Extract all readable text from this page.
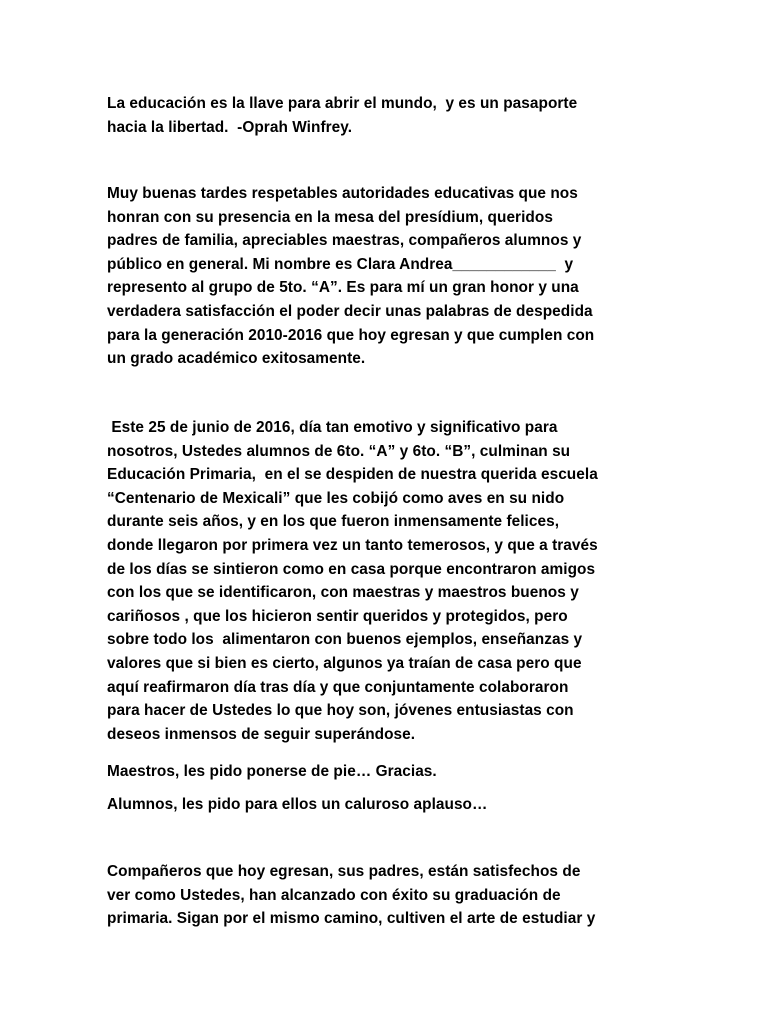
La educación es la llave para abrir el mundo,  y es un pasaporte
hacia la libertad.  -Oprah Winfrey.

Muy buenas tardes respetables autoridades educativas que nos
honran con su presencia en la mesa del presídium, queridos
padres de familia, apreciables maestras, compañeros alumnos y
público en general. Mi nombre es Clara Andrea____________  y
represento al grupo de 5to. “A”. Es para mí un gran honor y una
verdadera satisfacción el poder decir unas palabras de despedida
para la generación 2010-2016 que hoy egresan y que cumplen con
un grado académico exitosamente.

Este 25 de junio de 2016, día tan emotivo y significativo para
nosotros, Ustedes alumnos de 6to. “A” y 6to. “B”, culminan su
Educación Primaria,  en el se despiden de nuestra querida escuela
“Centenario de Mexicali” que les cobijó como aves en su nido
durante seis años, y en los que fueron inmensamente felices,
donde llegaron por primera vez un tanto temerosos, y que a través
de los días se sintieron como en casa porque encontraron amigos
con los que se identificaron, con maestras y maestros buenos y
cariñosos , que los hicieron sentir queridos y protegidos, pero
sobre todo los  alimentaron con buenos ejemplos, enseñanzas y
valores que si bien es cierto, algunos ya traían de casa pero que
aquí reafirmaron día tras día y que conjuntamente colaboraron
para hacer de Ustedes lo que hoy son, jóvenes entusiastas con
deseos inmensos de seguir superándose.

Maestros, les pido ponerse de pie… Gracias.

Alumnos, les pido para ellos un caluroso aplauso…

Compañeros que hoy egresan, sus padres, están satisfechos de
ver como Ustedes, han alcanzado con éxito su graduación de
primaria. Sigan por el mismo camino, cultiven el arte de estudiar y
